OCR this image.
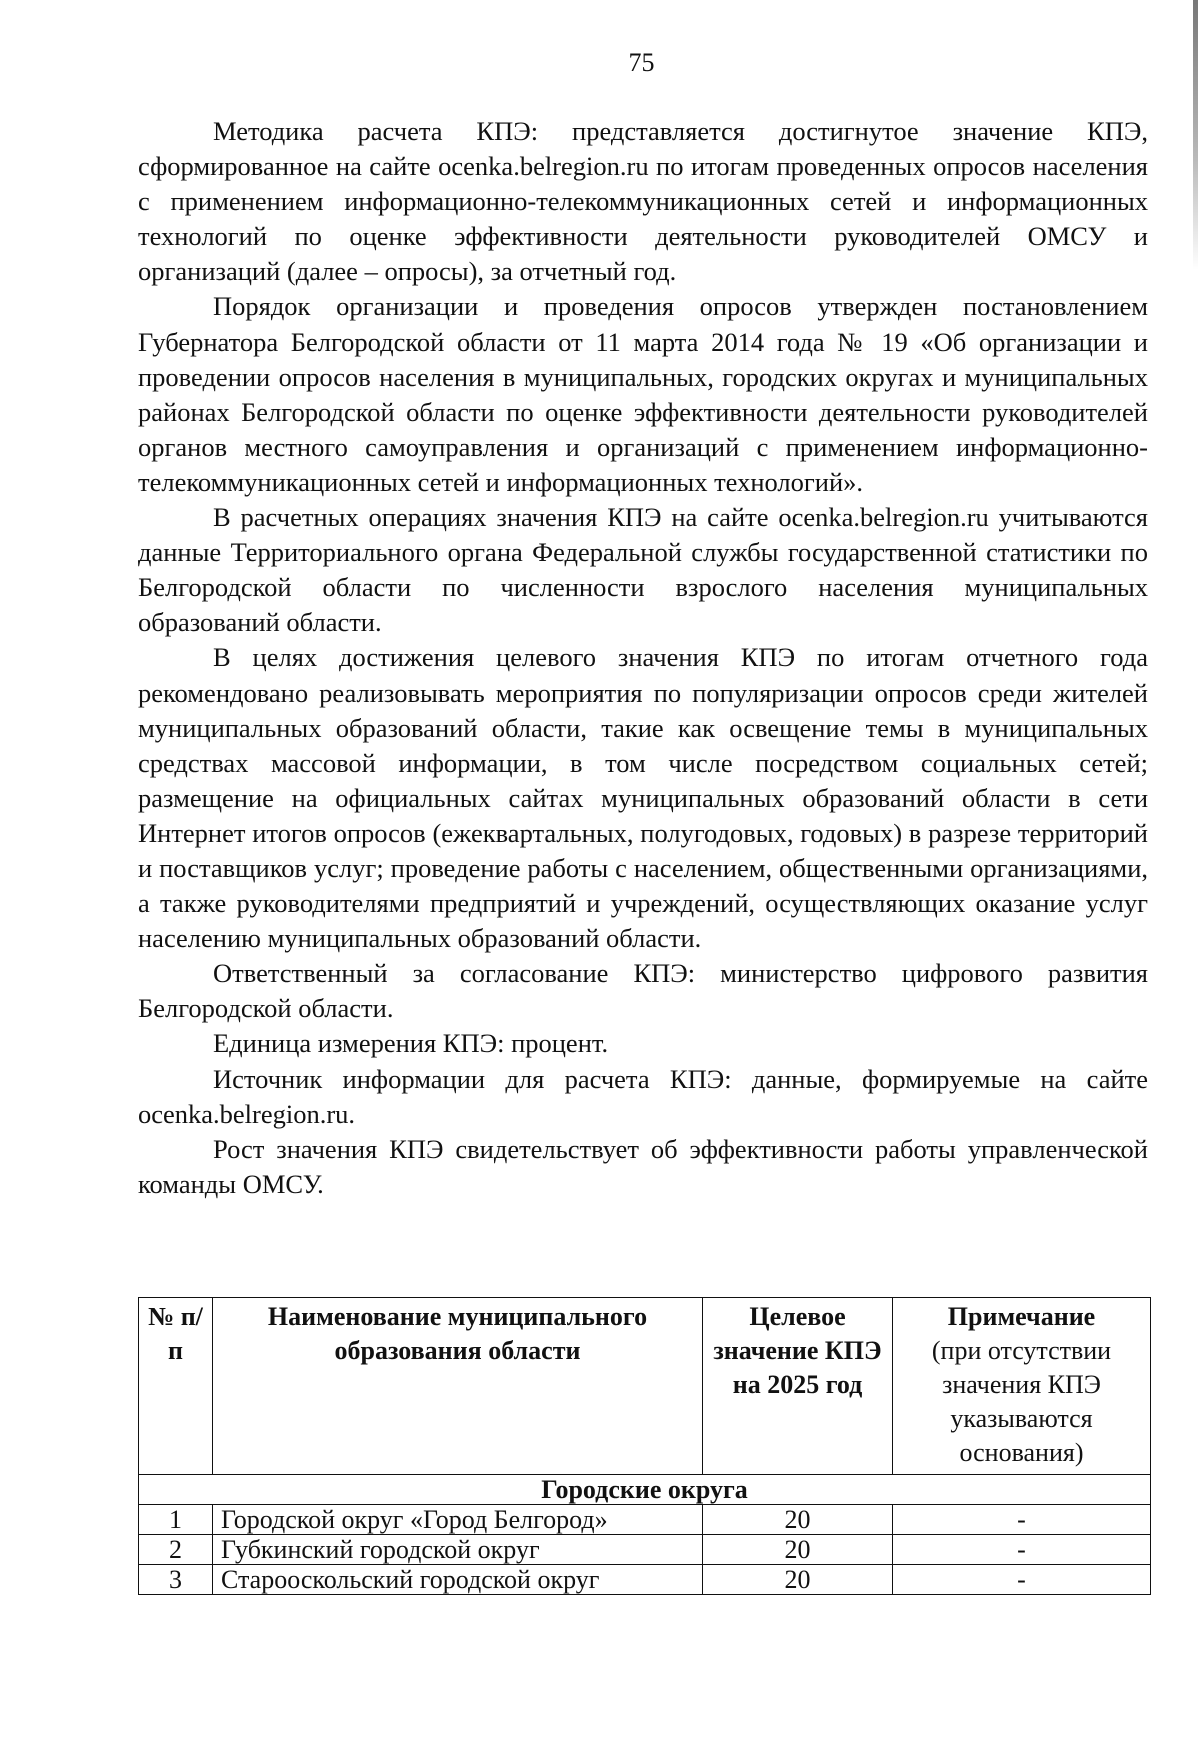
75

Методика расчета КПЭ: представляется достигнутое значение КПЭ, сформированное на сайте ocenka.belregion.ru по итогам проведенных опросов населения с применением информационно-телекоммуникационных сетей и информационных технологий по оценке эффективности деятельности руководителей ОМСУ и организаций (далее – опросы), за отчетный год.

Порядок организации и проведения опросов утвержден постановлением Губернатора Белгородской области от 11 марта 2014 года № 19 «Об организации и проведении опросов населения в муниципальных, городских округах и муниципальных районах Белгородской области по оценке эффективности деятельности руководителей органов местного самоуправления и организаций с применением информационно-телекоммуникационных сетей и информационных технологий».

В расчетных операциях значения КПЭ на сайте ocenka.belregion.ru учитываются данные Территориального органа Федеральной службы государственной статистики по Белгородской области по численности взрослого населения муниципальных образований области.

В целях достижения целевого значения КПЭ по итогам отчетного года рекомендовано реализовывать мероприятия по популяризации опросов среди жителей муниципальных образований области, такие как освещение темы в муниципальных средствах массовой информации, в том числе посредством социальных сетей; размещение на официальных сайтах муниципальных образований области в сети Интернет итогов опросов (ежеквартальных, полугодовых, годовых) в разрезе территорий и поставщиков услуг; проведение работы с населением, общественными организациями, а также руководителями предприятий и учреждений, осуществляющих оказание услуг населению муниципальных образований области.

Ответственный за согласование КПЭ: министерство цифрового развития Белгородской области.

Единица измерения КПЭ: процент.

Источник информации для расчета КПЭ: данные, формируемые на сайте ocenka.belregion.ru.

Рост значения КПЭ свидетельствует об эффективности работы управленческой команды ОМСУ.

№ п/п	Наименование муниципального образования области	Целевое значение КПЭ на 2025 год	Примечание
(при отсутствии значения КПЭ указываются основания)

Городские округа			
1	Городской округ «Город Белгород»	20	-
2	Губкинский городской округ	20	-
3	Старооскольский городской округ	20	-
